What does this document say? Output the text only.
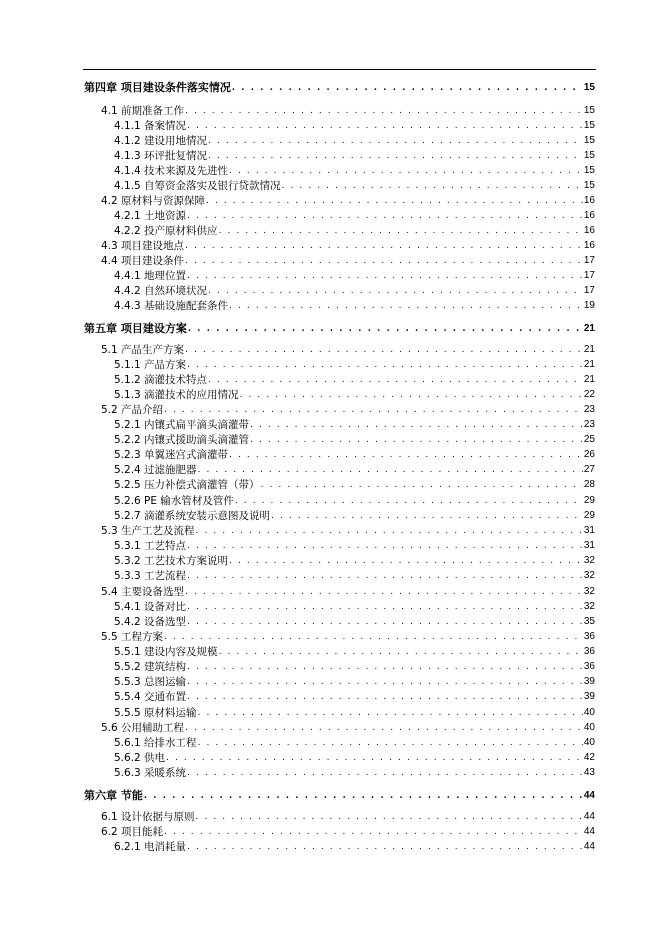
第四章 项目建设条件落实情况 . . .	15
4.1 前期准备工作 . . .	15
4.1.1 备案情况 . . .	15
4.1.2 建设用地情况 . . .	15
4.1.3 环评批复情况 . . .	15
4.1.4 技术来源及先进性 . . .	15
4.1.5 自筹资金落实及银行贷款情况 . . .	15
4.2 原材料与资源保障 . . .	16
4.2.1 土地资源 . . .	16
4.2.2 投产原材料供应 . . .	16
4.3 项目建设地点 . . .	16
4.4 项目建设条件 . . .	17
4.4.1 地理位置 . . .	17
4.4.2 自然环境状况 . . .	17
4.4.3 基础设施配套条件 . . .	19
第五章 项目建设方案 . . .	21
5.1 产品生产方案 . . .	21
5.1.1 产品方案 . . .	21
5.1.2 滴灌技术特点 . . .	21
5.1.3 滴灌技术的应用情况 . . .	22
5.2 产品介绍 . . .	23
5.2.1 内镶式扁平滴头滴灌带 . . .	23
5.2.2 内镶式援助滴头滴灌管 . . .	25
5.2.3 单翼迷宫式滴灌带 . . .	26
5.2.4 过滤施肥器 . . .	27
5.2.5 压力补偿式滴灌管（带） . . .	28
5.2.6 PE 输水管材及管件 . . .	29
5.2.7 滴灌系统安装示意图及说明 . . .	29
5.3 生产工艺及流程 . . .	31
5.3.1 工艺特点 . . .	31
5.3.2 工艺技术方案说明 . . .	32
5.3.3 工艺流程 . . .	32
5.4 主要设备选型 . . .	32
5.4.1 设备对比 . . .	32
5.4.2 设备选型 . . .	35
5.5 工程方案 . . .	36
5.5.1 建设内容及规模 . . .	36
5.5.2 建筑结构 . . .	36
5.5.3 总图运输 . . .	39
5.5.4 交通布置 . . .	39
5.5.5 原材料运输 . . .	40
5.6 公用辅助工程 . . .	40
5.6.1 给排水工程 . . .	40
5.6.2 供电 . . .	42
5.6.3 采暖系统 . . .	43
第六章 节能 . . .	44
6.1 设计依据与原则 . . .	44
6.2 项目能耗 . . .	44
6.2.1 电消耗量 . . .	44
